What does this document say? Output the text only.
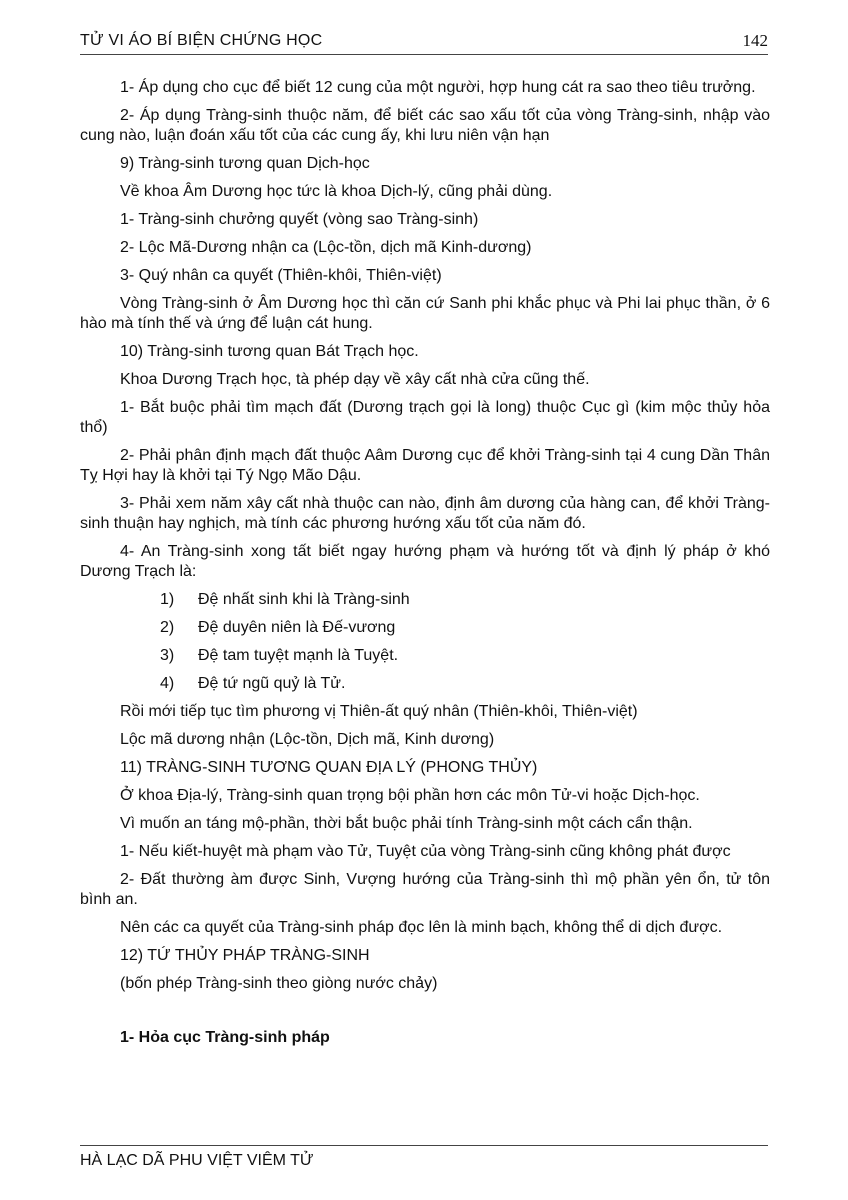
TỬ VI ÁO BÍ BIỆN CHỨNG HỌC	142

1- Áp dụng cho cục để biết 12 cung của một người, hợp hung cát ra sao theo tiêu trưởng.

2- Áp dụng Tràng-sinh thuộc năm, để biết các sao xấu tốt của vòng Tràng-sinh, nhập vào cung nào, luận đoán xấu tốt của các cung ấy, khi lưu niên vận hạn

9) Tràng-sinh tương quan Dịch-học

Về khoa Âm Dương học tức là khoa Dịch-lý, cũng phải dùng.

1- Tràng-sinh chưởng quyết (vòng sao Tràng-sinh)

2- Lộc Mã-Dương nhận ca (Lộc-tồn, dịch mã Kinh-dương)

3- Quý nhân ca quyết (Thiên-khôi, Thiên-việt)

Vòng Tràng-sinh ở Âm Dương học thì căn cứ Sanh phi khắc phục và Phi lai phục thần, ở 6 hào mà tính thế và ứng để luận cát hung.

10) Tràng-sinh tương quan Bát Trạch học.

Khoa Dương Trạch học, tà phép dạy về xây cất nhà cửa cũng thế.

1- Bắt buộc phải tìm mạch đất (Dương trạch gọi là long) thuộc Cục gì (kim mộc thủy hỏa thổ)

2- Phải phân định mạch đất thuộc Aâm Dương cục để khởi Tràng-sinh tại 4 cung Dần Thân Tỵ Hợi hay là khởi tại Tý Ngọ Mão Dậu.

3- Phải xem năm xây cất nhà thuộc can nào, định âm dương của hàng can, để khởi Tràng-sinh thuận hay nghịch, mà tính các phương hướng xấu tốt của năm đó.

4- An Tràng-sinh xong tất biết ngay hướng phạm và hướng tốt và định lý pháp ở khó Dương Trạch là:

1) Đệ nhất sinh khi là Tràng-sinh

2) Đệ duyên niên là Đế-vương

3) Đệ tam tuyệt mạnh là Tuyệt.

4) Đệ tứ ngũ quỷ là Tử.

Rồi mới tiếp tục tìm phương vị Thiên-ất quý nhân (Thiên-khôi, Thiên-việt)

Lộc mã dương nhận (Lộc-tồn, Dịch mã, Kinh dương)

11) TRÀNG-SINH TƯƠNG QUAN ĐỊA LÝ (PHONG THỦY)

Ở khoa Địa-lý, Tràng-sinh quan trọng bội phần hơn các môn Tử-vi hoặc Dịch-học.

Vì muốn an táng mộ-phần, thời bắt buộc phải tính Tràng-sinh một cách cẩn thận.

1- Nếu kiết-huyệt mà phạm vào Tử, Tuyệt của vòng Tràng-sinh cũng không phát được

2- Đất thường àm được Sinh, Vượng hướng của Tràng-sinh thì mộ phần yên ổn, tử tôn bình an.

Nên các ca quyết của Tràng-sinh pháp đọc lên là minh bạch, không thể di dịch được.

12) TỨ THỦY PHÁP TRÀNG-SINH

(bốn phép Tràng-sinh theo giòng nước chảy)

1- Hỏa cục Tràng-sinh pháp

HÀ LẠC DÃ PHU VIỆT VIÊM TỬ
